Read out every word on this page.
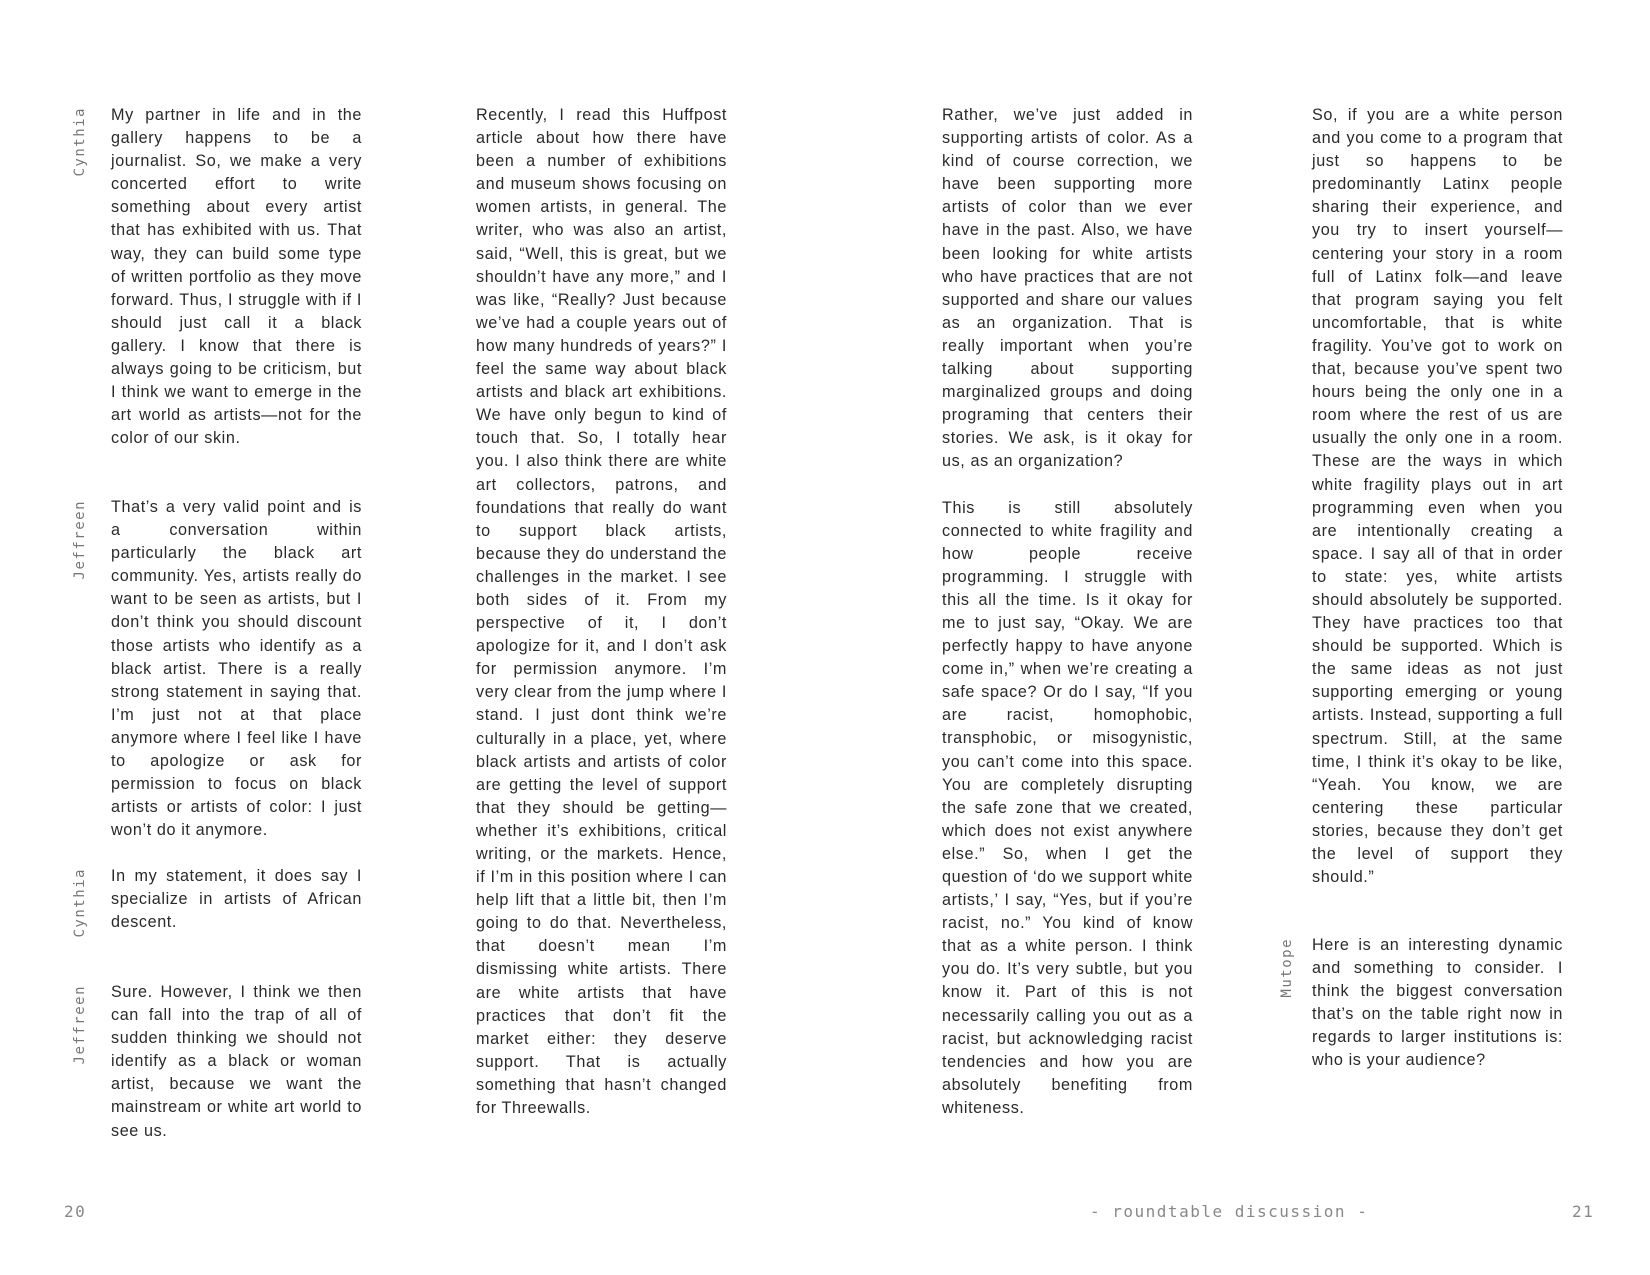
My partner in life and in the gallery happens to be a journalist. So, we make a very concerted effort to write something about every artist that has exhibited with us. That way, they can build some type of written portfolio as they move forward. Thus, I struggle with if I should just call it a black gallery. I know that there is always going to be criticism, but I think we want to emerge in the art world as artists—not for the color of our skin.

That’s a very valid point and is a conversation within particularly the black art community. Yes, artists really do want to be seen as artists, but I don’t think you should discount those artists who identify as a black artist. There is a really strong statement in saying that. I’m just not at that place anymore where I feel like I have to apologize or ask for permission to focus on black artists or artists of color: I just won’t do it anymore.

In my statement, it does say I specialize in artists of African descent.

Sure. However, I think we then can fall into the trap of all of sudden thinking we should not identify as a black or woman artist, because we want the mainstream or white art world to see us.

Cynthia
Jeffreen
Cynthia
Jeffreen

Recently, I read this Huffpost article about how there have been a number of exhibitions and museum shows focusing on women artists, in general. The writer, who was also an artist, said, “Well, this is great, but we shouldn’t have any more,” and I was like, “Really? Just because we’ve had a couple years out of how many hundreds of years?” I feel the same way about black artists and black art exhibitions. We have only begun to kind of touch that. So, I totally hear you. I also think there are white art collectors, patrons, and foundations that really do want to support black artists, because they do understand the challenges in the market. I see both sides of it. From my perspective of it, I don’t apologize for it, and I don’t ask for permission anymore. I’m very clear from the jump where I stand. I just dont think we’re culturally in a place, yet, where black artists and artists of color are getting the level of support that they should be getting—whether it’s exhibitions, critical writing, or the markets. Hence, if I’m in this position where I can help lift that a little bit, then I’m going to do that. Nevertheless, that doesn’t mean I’m dismissing white artists. There are white artists that have practices that don’t fit the market either: they deserve support. That is actually something that hasn’t changed for Threewalls.

Rather, we’ve just added in supporting artists of color. As a kind of course correction, we have been supporting more artists of color than we ever have in the past. Also, we have been looking for white artists who have practices that are not supported and share our values as an organization. That is really important when you’re talking about supporting marginalized groups and doing programing that centers their stories. We ask, is it okay for us, as an organization?

This is still absolutely connected to white fragility and how people receive programming. I struggle with this all the time. Is it okay for me to just say, “Okay. We are perfectly happy to have anyone come in,” when we’re creating a safe space? Or do I say, “If you are racist, homophobic, transphobic, or misogynistic, you can’t come into this space. You are completely disrupting the safe zone that we created, which does not exist anywhere else.” So, when I get the question of ‘do we support white artists,’ I say, “Yes, but if you’re racist, no.” You kind of know that as a white person. I think you do. It’s very subtle, but you know it. Part of this is not necessarily calling you out as a racist, but acknowledging racist tendencies and how you are absolutely benefiting from whiteness.

So, if you are a white person and you come to a program that just so happens to be predominantly Latinx people sharing their experience, and you try to insert yourself—centering your story in a room full of Latinx folk—and leave that program saying you felt uncomfortable, that is white fragility. You’ve got to work on that, because you’ve spent two hours being the only one in a room where the rest of us are usually the only one in a room. These are the ways in which white fragility plays out in art programming even when you are intentionally creating a space. I say all of that in order to state: yes, white artists should absolutely be supported. They have practices too that should be supported. Which is the same ideas as not just supporting emerging or young artists. Instead, supporting a full spectrum. Still, at the same time, I think it’s okay to be like, “Yeah. You know, we are centering these particular stories, because they don’t get the level of support they should.”

Here is an interesting dynamic and something to consider. I think the biggest conversation that’s on the table right now in regards to larger institutions is: who is your audience?

Mutope
20	- roundtable discussion -	21
